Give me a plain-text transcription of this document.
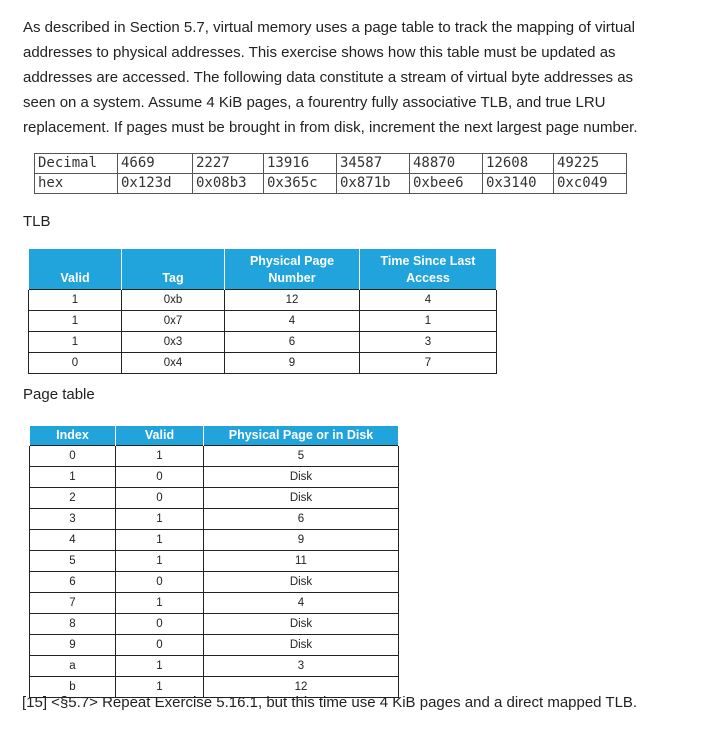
As described in Section 5.7, virtual memory uses a page table to track the mapping of virtual
addresses to physical addresses. This exercise shows how this table must be updated as
addresses are accessed. The following data constitute a stream of virtual byte addresses as
seen on a system. Assume 4 KiB pages, a fourentry fully associative TLB, and true LRU
replacement. If pages must be brought in from disk, increment the next largest page number.

Decimal	4669	2227	13916	34587	48870	12608	49225
hex	0x123d	0x08b3	0x365c	0x871b	0xbee6	0x3140	0xc049
TLB
Valid	Tag	Physical Page Number	Time Since Last Access
1	0xb	12	4
1	0x7	4	1
1	0x3	6	3
0	0x4	9	7
Page table
Index	Valid	Physical Page or in Disk
0	1	5
1	0	Disk
2	0	Disk
3	1	6
4	1	9
5	1	11
6	0	Disk
7	1	4
8	0	Disk
9	0	Disk
a	1	3
b	1	12
[15] <§5.7> Repeat Exercise 5.16.1, but this time use 4 KiB pages and a direct mapped TLB.
